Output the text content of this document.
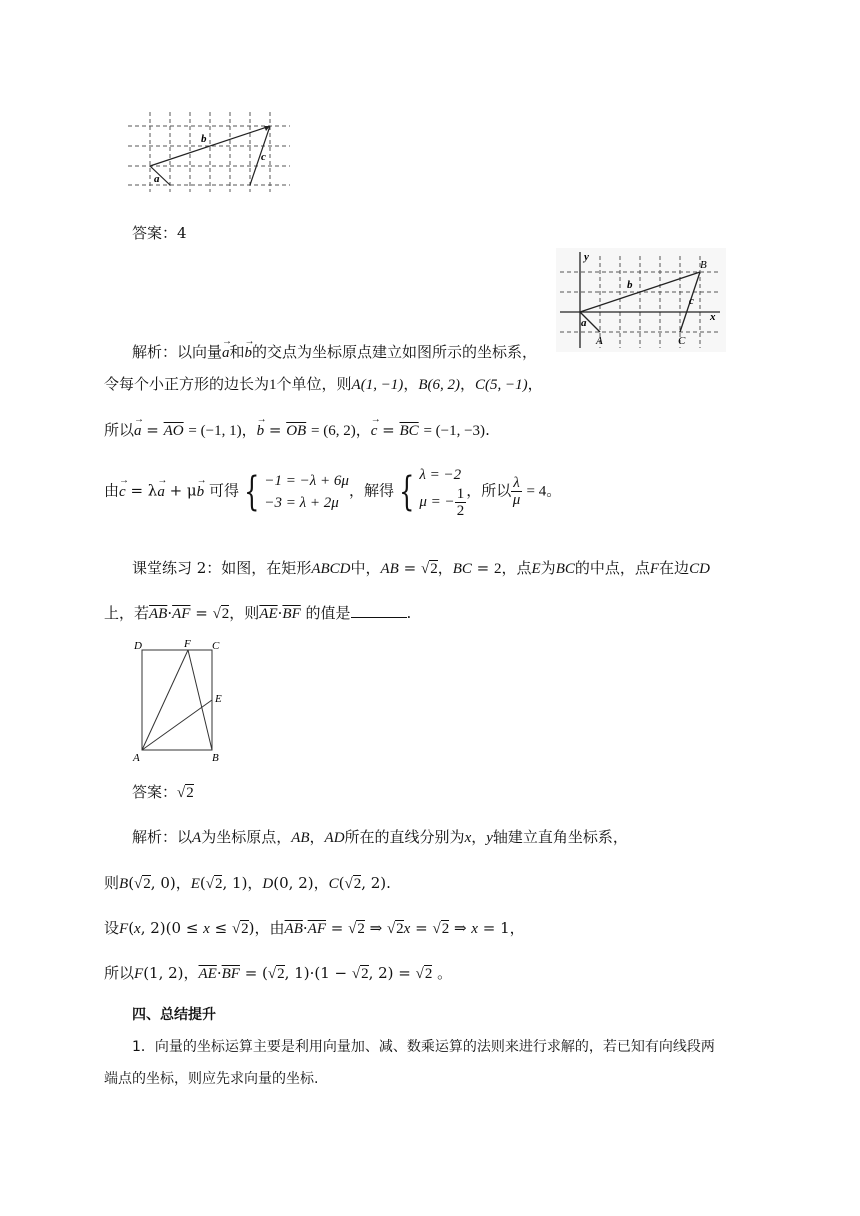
b
c
a
答案：4
y
x
B
b
c
a
A	C
解析：以向量→ a和→ b的交点为坐标原点建立如图所示的坐标系，
令每个小正方形的边长为1个单位，则A(1, −1)，B(6, 2)，C(5, −1)，
所以→ $a = \overline{AO} = (-1$, 1)，→ $b = \overline{OB} = (6$, 2)，→ $c = \overline{BC} = (-1$, −3).
由→ c = λ→ a + μ→ b 可得 { −1 = −λ + 6μ
−3 = λ + 2μ，解得 { λ = −2
μ = − $\frac{1}{2}$ ，所以 $\frac{\lambda}{\mu} = 4$。
课堂练习 2：如图，在矩形ABCD中，AB = √2，BC = 2，点E为BC的中点，点F在边CD
上，若$\overline{AB}\cdot\overline{AF} = √2$，则$\overline{AE}\cdot\overline{BF}$ 的值是	.
D	F C
E
A	B
答案：√2
解析：以A为坐标原点，AB，AD所在的直线分别为x，y轴建立直角坐标系，
则B(√2, 0)，E(√2, 1)，D(0, 2)，C(√2, 2).
设F(x, 2)(0 ≤ x ≤ √2)，由$\overline{AB}\cdot\overline{AF} = √2$ ⇒ √2x = √2 ⇒ x = 1，
所以F(1, 2)，$\overline{AE}\cdot\overline{BF} = (√2$, 1)·(1 − √2, 2) = √2 。
四、总结提升
1．向量的坐标运算主要是利用向量加、减、数乘运算的法则来进行求解的，若已知有向线段两
端点的坐标，则应先求向量的坐标.
